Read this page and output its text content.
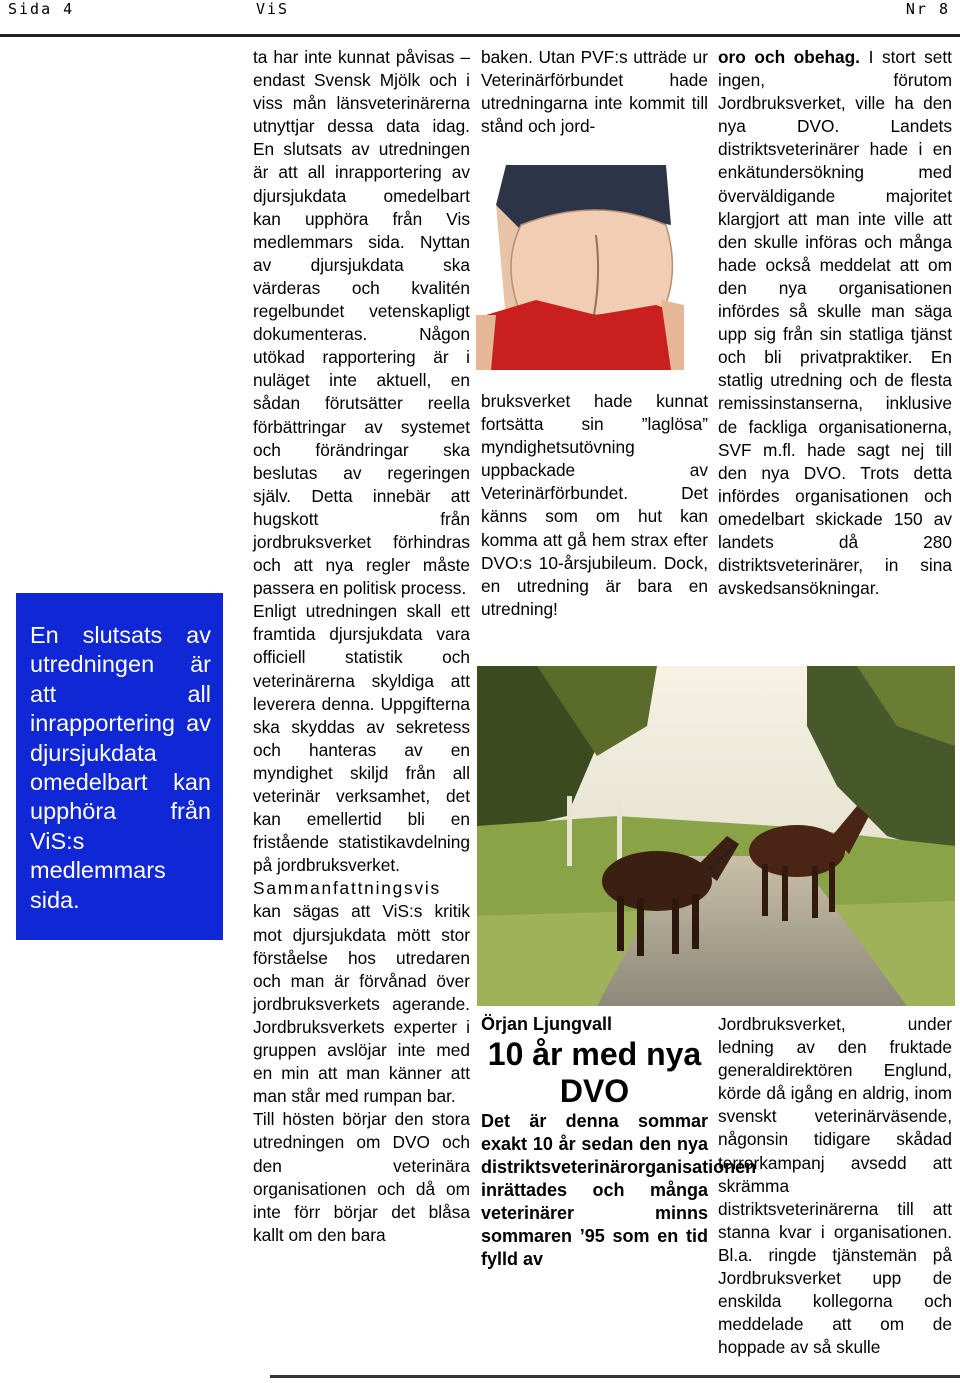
Sida 4	ViS	Nr 8

En slutsats av utredningen är att all inrapportering av djursjukdata omedelbart kan upphöra från ViS:s medlemmars sida.

ta har inte kunnat påvisas – endast Svensk Mjölk och i viss mån länsveterinärerna utnyttjar dessa data idag. En slutsats av utredningen är att all inrapportering av djursjukdata omedelbart kan upphöra från Vis medlemmars sida. Nyttan av djursjukdata ska värderas och kvalitén regelbundet vetenskapligt dokumenteras. Någon utökad rapportering är i nuläget inte aktuell, en sådan förutsätter reella förbättringar av systemet och förändringar ska beslutas av regeringen själv. Detta innebär att hugskott från jordbruksverket förhindras och att nya regler måste passera en politisk process.

Enligt utredningen skall ett framtida djursjukdata vara officiell statistik och veterinärerna skyldiga att leverera denna. Uppgifterna ska skyddas av sekretess och hanteras av en myndighet skiljd från all veterinär verksamhet, det kan emellertid bli en fristående statistikavdelning på jordbruksverket.

Sammanfattningsvis kan sägas att ViS:s kritik mot djursjukdata mött stor förståelse hos utredaren och man är förvånad över jordbruksverkets agerande. Jordbruksverkets experter i gruppen avslöjar inte med en min att man känner att man står med rumpan bar.

Till hösten börjar den stora utredningen om DVO och den veterinära organisationen och då om inte förr börjar det blåsa kallt om den bara

baken. Utan PVF:s utträde ur Veterinärförbundet hade utredningarna inte kommit till stånd och jord-

bruksverket hade kunnat fortsätta sin ”laglösa” myndighetsutövning uppbackade av Veterinärförbundet. Det känns som om hut kan komma att gå hem strax efter DVO:s 10-årsjubileum. Dock, en utredning är bara en utredning!

oro och obehag. I stort sett ingen, förutom Jordbruksverket, ville ha den nya DVO. Landets distriktsveterinärer hade i en enkätundersökning med överväldigande majoritet klargjort att man inte ville att den skulle införas och många hade också meddelat att om den nya organisationen infördes så skulle man säga upp sig från sin statliga tjänst och bli privatpraktiker. En statlig utredning och de flesta remissinstanserna, inklusive de fackliga organisationerna, SVF m.fl. hade sagt nej till den nya DVO. Trots detta infördes organisationen och omedelbart skickade 150 av landets då 280 distriktsveterinärer, in sina avskedsansökningar.

Örjan Ljungvall

10 år med nya DVO

Det är denna sommar exakt 10 år sedan den nya distriktsveterinärorganisationen inrättades och många veterinärer minns sommaren ’95 som en tid fylld av

Jordbruksverket, under ledning av den fruktade generaldirektören Englund, körde då igång en aldrig, inom svenskt veterinärväsende, någonsin tidigare skådad terrorkampanj avsedd att skrämma distriktsveterinärerna till att stanna kvar i organisationen. Bl.a. ringde tjänstemän på Jordbruksverket upp de enskilda kollegorna och meddelade att om de hoppade av så skulle
